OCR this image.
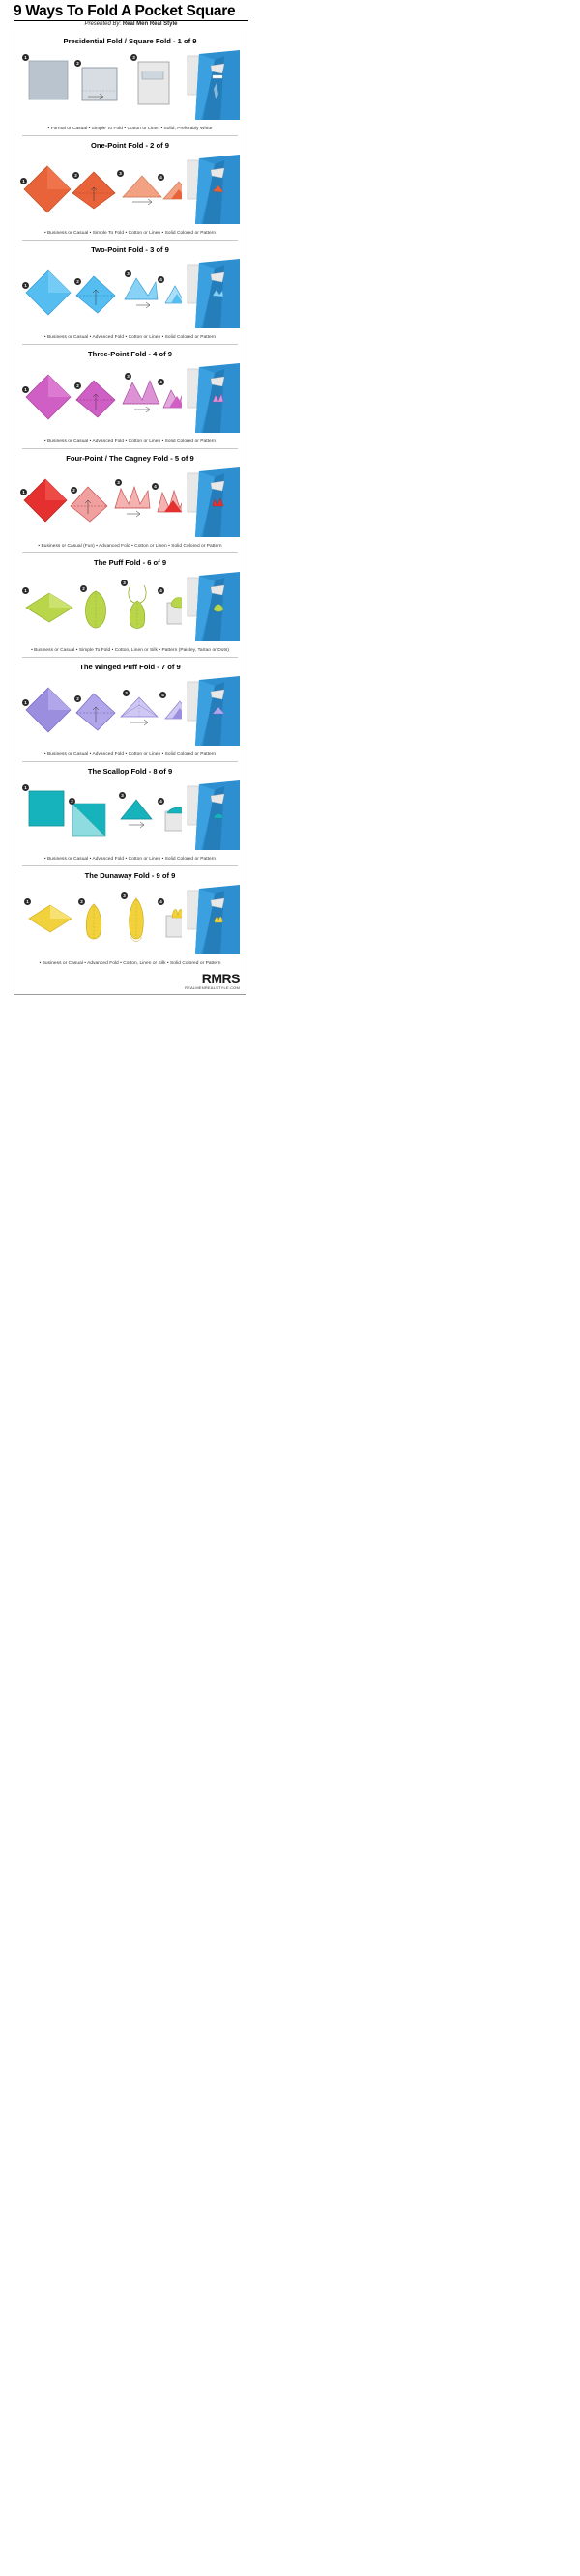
9 Ways To Fold A Pocket Square
Presented By: Real Men Real Style
Presidential Fold / Square Fold - 1 of 9
1
2
3
• Formal or Casual • Simple To Fold • Cotton or Linen • Solid, Preferably White
One-Point Fold - 2 of 9
1
2	3
4
• Business or Casual • Simple To Fold • Cotton or Linen • Solid Colored or Pattern
Two-Point Fold - 3 of 9
1
2
3
4
• Business or Casual • Advanced Fold • Cotton or Linen • Solid Colored or Pattern
Three-Point Fold - 4 of 9
1
2
3
4
• Business or Casual • Advanced Fold • Cotton or Linen • Solid Colored or Pattern
Four-Point / The Cagney Fold - 5 of 9
1	2
3
4
• Business or Casual (Fun) • Advanced Fold • Cotton or Linen • Solid Colored or Pattern
The Puff Fold - 6 of 9
1	2
3
4
• Business or Casual • Simple To Fold • Cotton, Linen or Silk • Pattern (Paisley, Tartan or Dots)
The Winged Puff Fold - 7 of 9
1
2
3	4
• Business or Casual • Advanced Fold • Cotton or Linen • Solid Colored or Pattern
The Scallop Fold - 8 of 9
1
2
3
4
• Business or Casual • Advanced Fold • Cotton or Linen • Solid Colored or Pattern
The Dunaway Fold - 9 of 9
1	2
3
4
• Business or Casual • Advanced Fold • Cotton, Linen or Silk • Solid Colored or Pattern
RMRS
REALMENREALSTYLE.COM
